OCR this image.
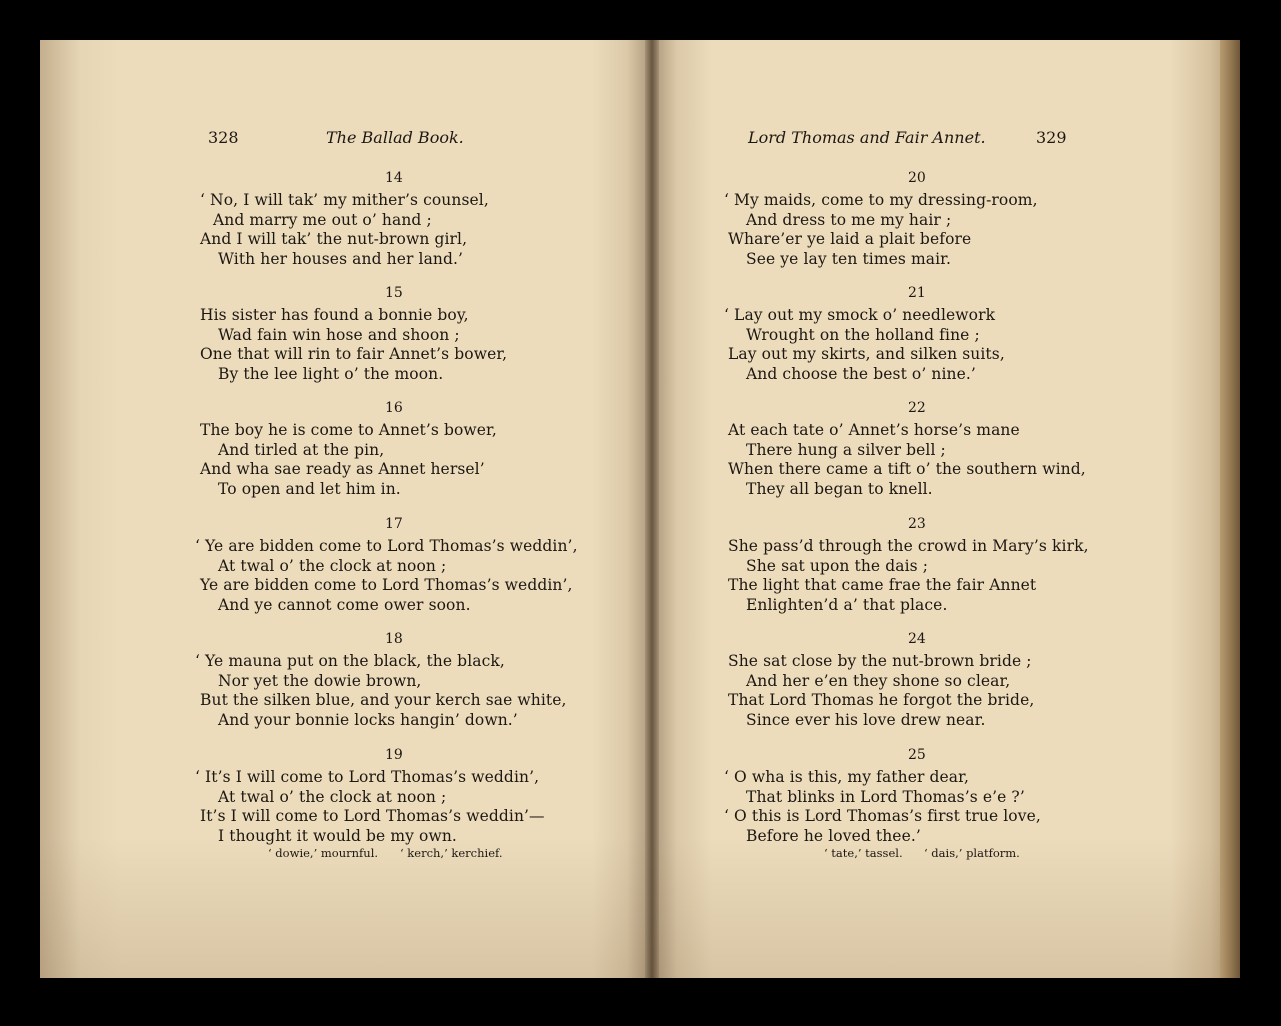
328	The Ballad Book.
14
‘ No, I will tak’ my mither’s counsel,
And marry me out o’ hand ;
And I will tak’ the nut-brown girl,
With her houses and her land.’
15
His sister has found a bonnie boy,
Wad fain win hose and shoon ;
One that will rin to fair Annet’s bower,
By the lee light o’ the moon.
16
The boy he is come to Annet’s bower,
And tirled at the pin,
And wha sae ready as Annet hersel’
To open and let him in.
17
‘ Ye are bidden come to Lord Thomas’s weddin’,
At twal o’ the clock at noon ;
Ye are bidden come to Lord Thomas’s weddin’,
And ye cannot come ower soon.
18
‘ Ye mauna put on the black, the black,
Nor yet the dowie brown,
But the silken blue, and your kerch sae white,
And your bonnie locks hangin’ down.’
19
‘ It’s I will come to Lord Thomas’s weddin’,
At twal o’ the clock at noon ;
It’s I will come to Lord Thomas’s weddin’—
I thought it would be my own.
‘ dowie,’ mournful. ‘ kerch,’ kerchief.
Lord Thomas and Fair Annet.	329
20
‘ My maids, come to my dressing-room,
And dress to me my hair ;
Whare’er ye laid a plait before
See ye lay ten times mair.
21
‘ Lay out my smock o’ needlework
Wrought on the holland fine ;
Lay out my skirts, and silken suits,
And choose the best o’ nine.’
22
At each tate o’ Annet’s horse’s mane
There hung a silver bell ;
When there came a tift o’ the southern wind,
They all began to knell.
23
She pass’d through the crowd in Mary’s kirk,
She sat upon the dais ;
The light that came frae the fair Annet
Enlighten’d a’ that place.
24
She sat close by the nut-brown bride ;
And her e’en they shone so clear,
That Lord Thomas he forgot the bride,
Since ever his love drew near.
25
‘ O wha is this, my father dear,
That blinks in Lord Thomas’s e’e ?’
‘ O this is Lord Thomas’s first true love,
Before he loved thee.’
‘ tate,’ tassel. ‘ dais,’ platform.
